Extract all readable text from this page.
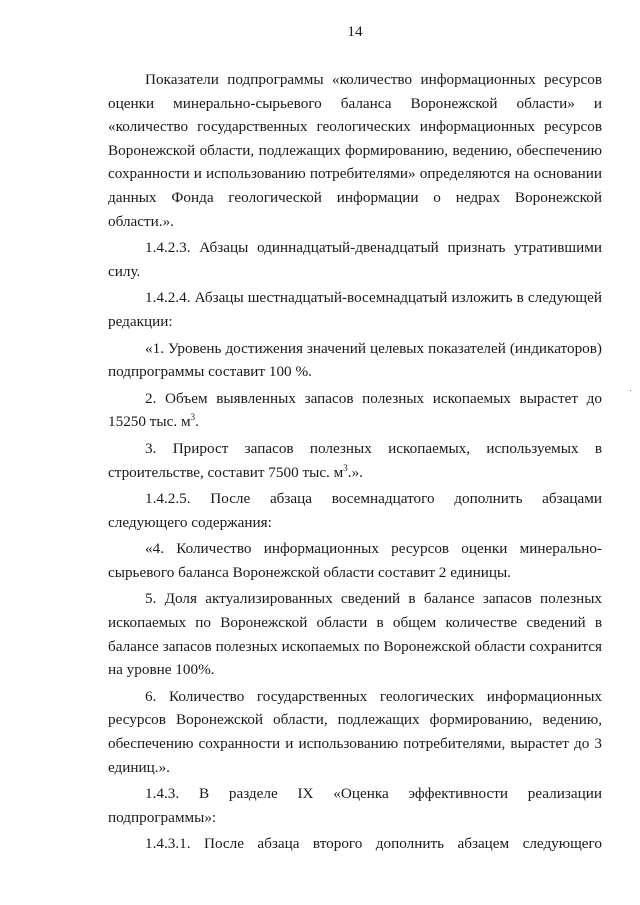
14

Показатели подпрограммы «количество информационных ресурсов оценки минерально-сырьевого баланса Воронежской области» и «количество государственных геологических информационных ресурсов Воронежской области, подлежащих формированию, ведению, обеспечению сохранности и использованию потребителями» определяются на основании данных Фонда геологической информации о недрах Воронежской области.».

1.4.2.3. Абзацы одиннадцатый-двенадцатый признать утратившими силу.

1.4.2.4. Абзацы шестнадцатый-восемнадцатый изложить в следующей редакции:

«1. Уровень достижения значений целевых показателей (индикаторов) подпрограммы составит 100 %.

2. Объем выявленных запасов полезных ископаемых вырастет до 15250 тыс. $м^3$.

3. Прирост запасов полезных ископаемых, используемых в строительстве, составит 7500 тыс. $м^3$.».

1.4.2.5. После абзаца восемнадцатого дополнить абзацами следующего содержания:

«4. Количество информационных ресурсов оценки минерально-сырьевого баланса Воронежской области составит 2 единицы.

5. Доля актуализированных сведений в балансе запасов полезных ископаемых по Воронежской области в общем количестве сведений в балансе запасов полезных ископаемых по Воронежской области сохранится на уровне 100%.

6. Количество государственных геологических информационных ресурсов Воронежской области, подлежащих формированию, ведению, обеспечению сохранности и использованию потребителями, вырастет до 3 единиц.».

1.4.3. В разделе IX «Оценка эффективности реализации подпрограммы»:

1.4.3.1. После абзаца второго дополнить абзацем следующего
